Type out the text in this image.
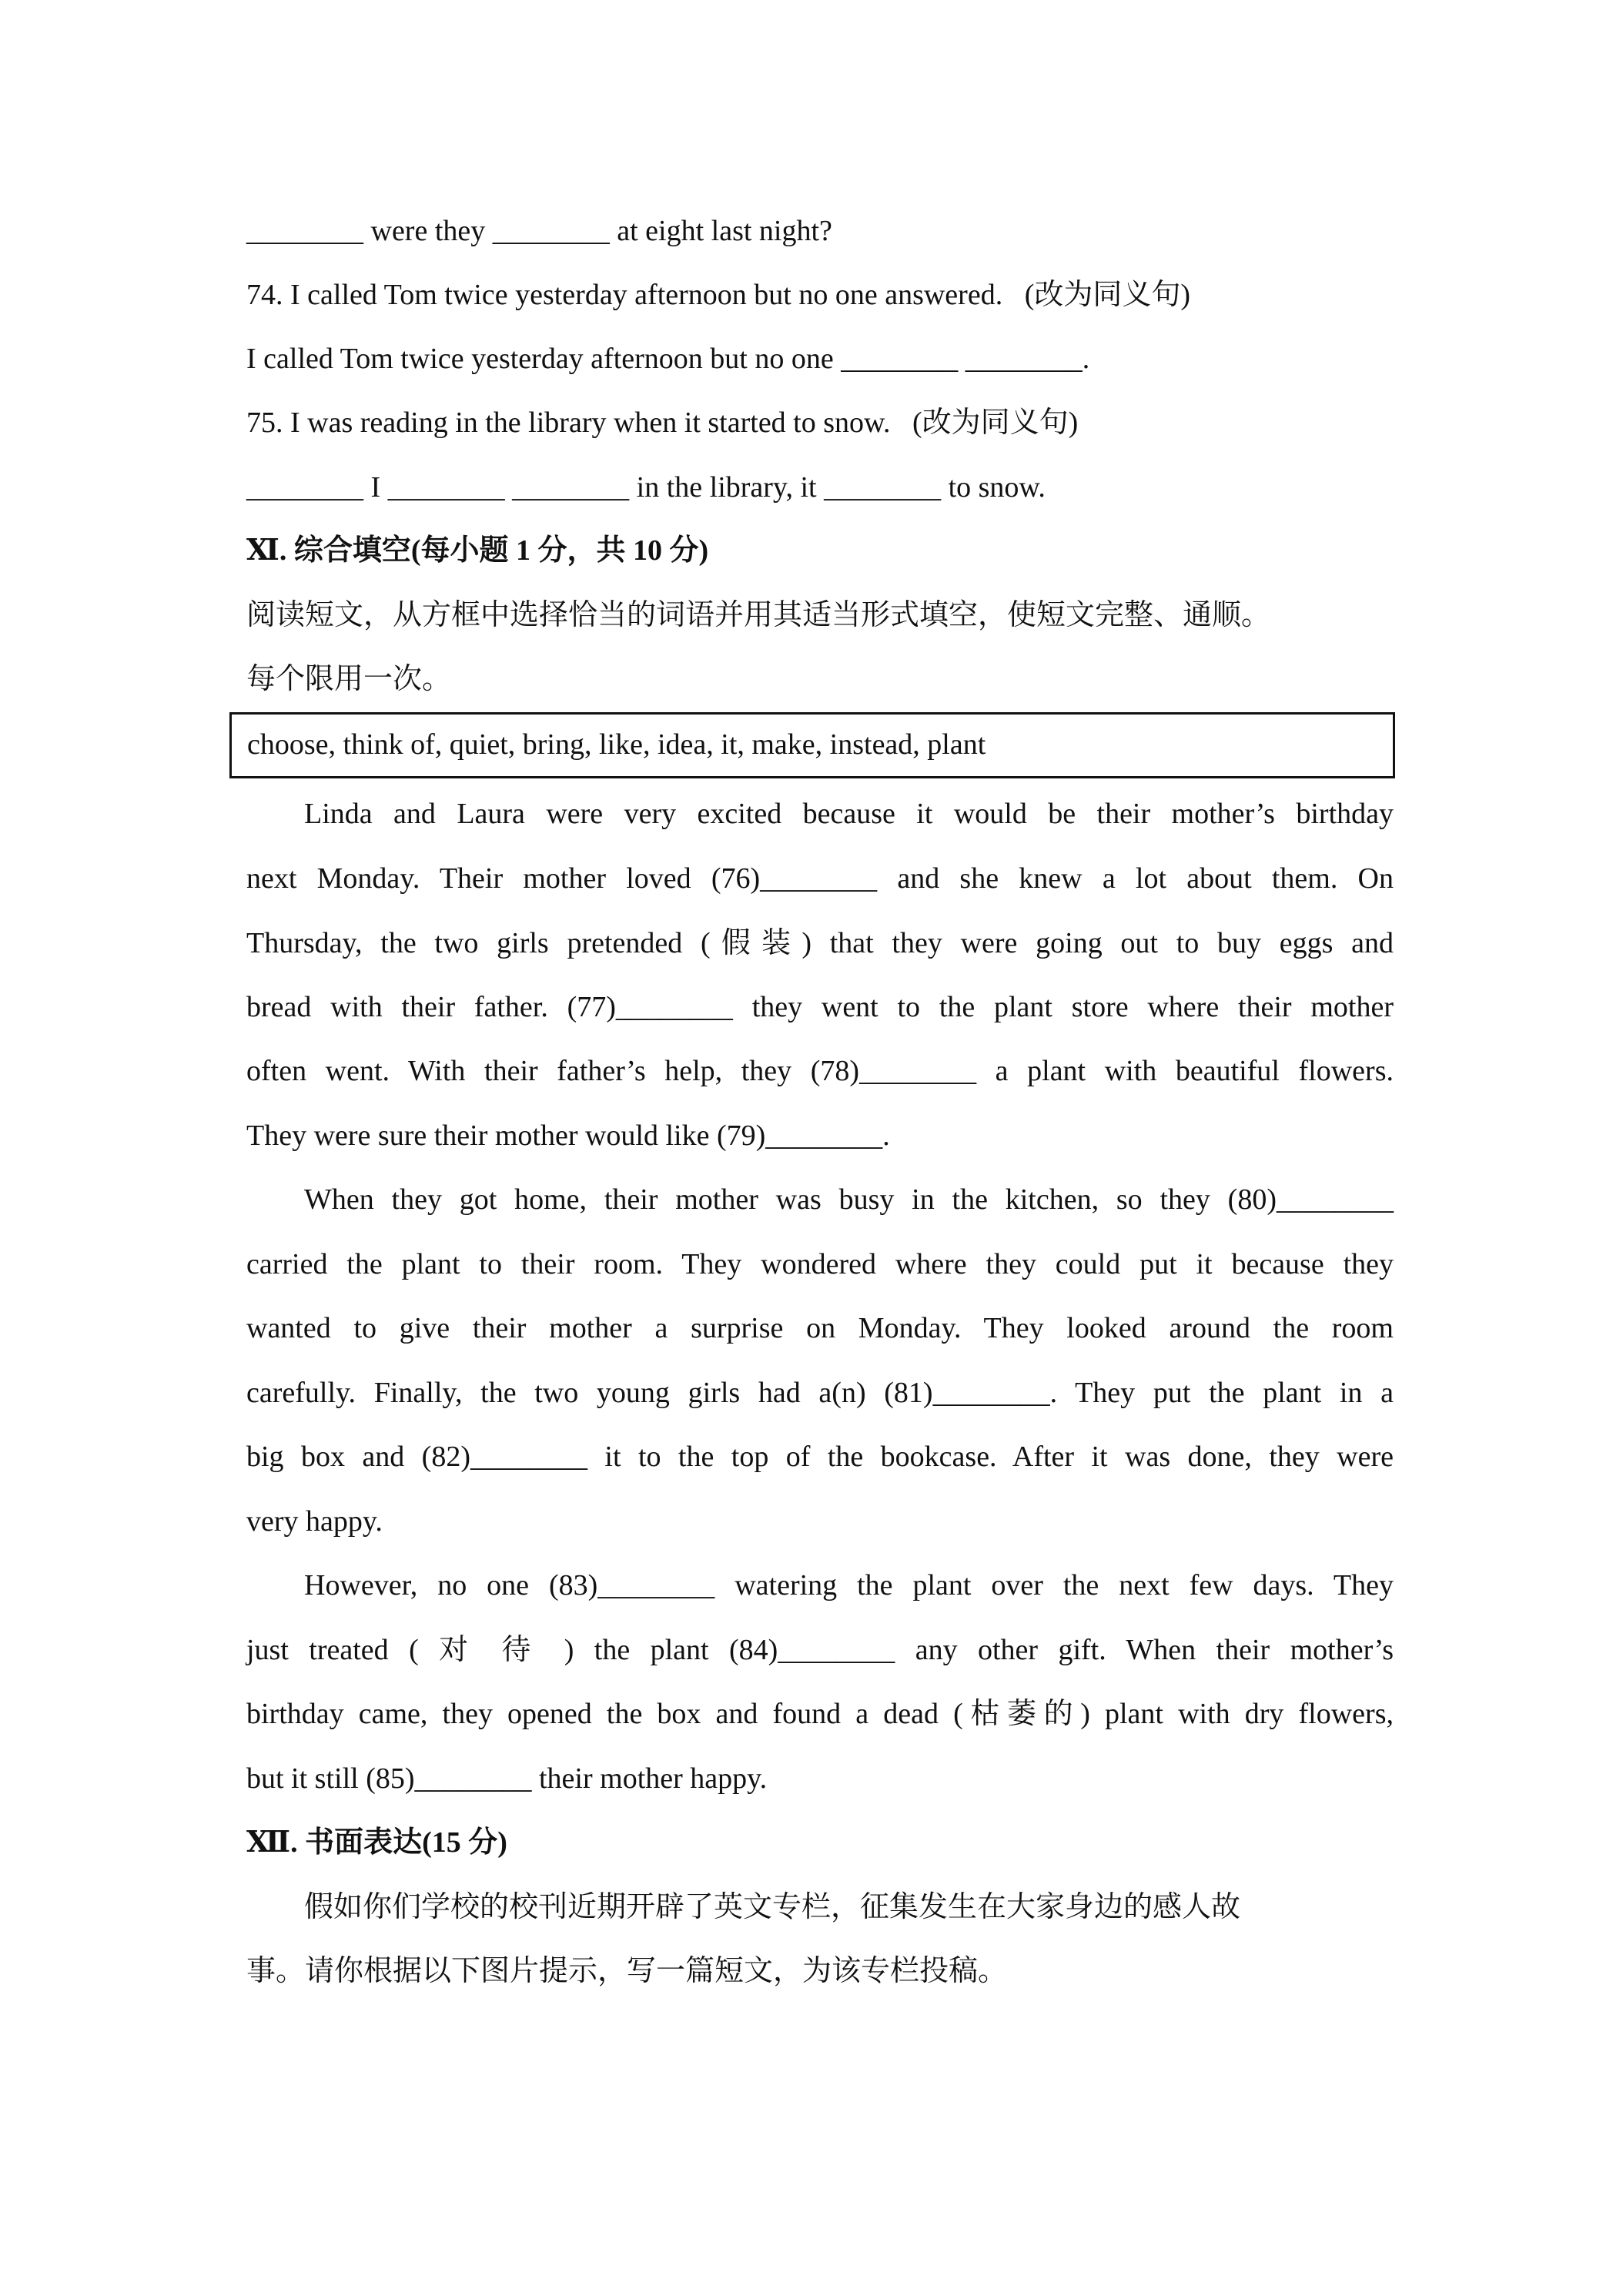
________ were they ________ at eight last night?
74. I called Tom twice yesterday afternoon but no one answered.   (改为同义句)
I called Tom twice yesterday afternoon but no one ________ ________.
75. I was reading in the library when it started to snow.   (改为同义句)
________ I ________ ________ in the library, it ________ to snow.
Ⅺ. 综合填空(每小题 1 分，共 10 分)
阅读短文，从方框中选择恰当的词语并用其适当形式填空，使短文完整、通顺。
每个限用一次。
choose, think of, quiet, bring, like, idea, it, make, instead, plant
Linda and Laura were very excited because it would be their mother’s birthday
next Monday. Their mother loved (76)________ and she knew a lot about them. On
Thursday, the two girls pretended (假装) that they were going out to buy eggs and
bread with their father. (77)________ they went to the plant store where their mother
often went. With their father’s help, they (78)________ a plant with beautiful flowers.
They were sure their mother would like (79)________.
When they got home, their mother was busy in the kitchen, so they (80)________
carried the plant to their room. They wondered where they could put it because they
wanted to give their mother a surprise on Monday. They looked around the room
carefully. Finally, the two young girls had a(n) (81)________. They put the plant in a
big box and (82)________ it to the top of the bookcase. After it was done, they were
very happy.
However, no one (83)________ watering the plant over the next few days. They
just treated ( 对 待 ) the plant (84)________ any other gift. When their mother’s
birthday came, they opened the box and found a dead (枯萎的) plant with dry flowers,
but it still (85)________ their mother happy.
Ⅻ. 书面表达(15 分)
假如你们学校的校刊近期开辟了英文专栏，征集发生在大家身边的感人故
事。请你根据以下图片提示，写一篇短文，为该专栏投稿。
